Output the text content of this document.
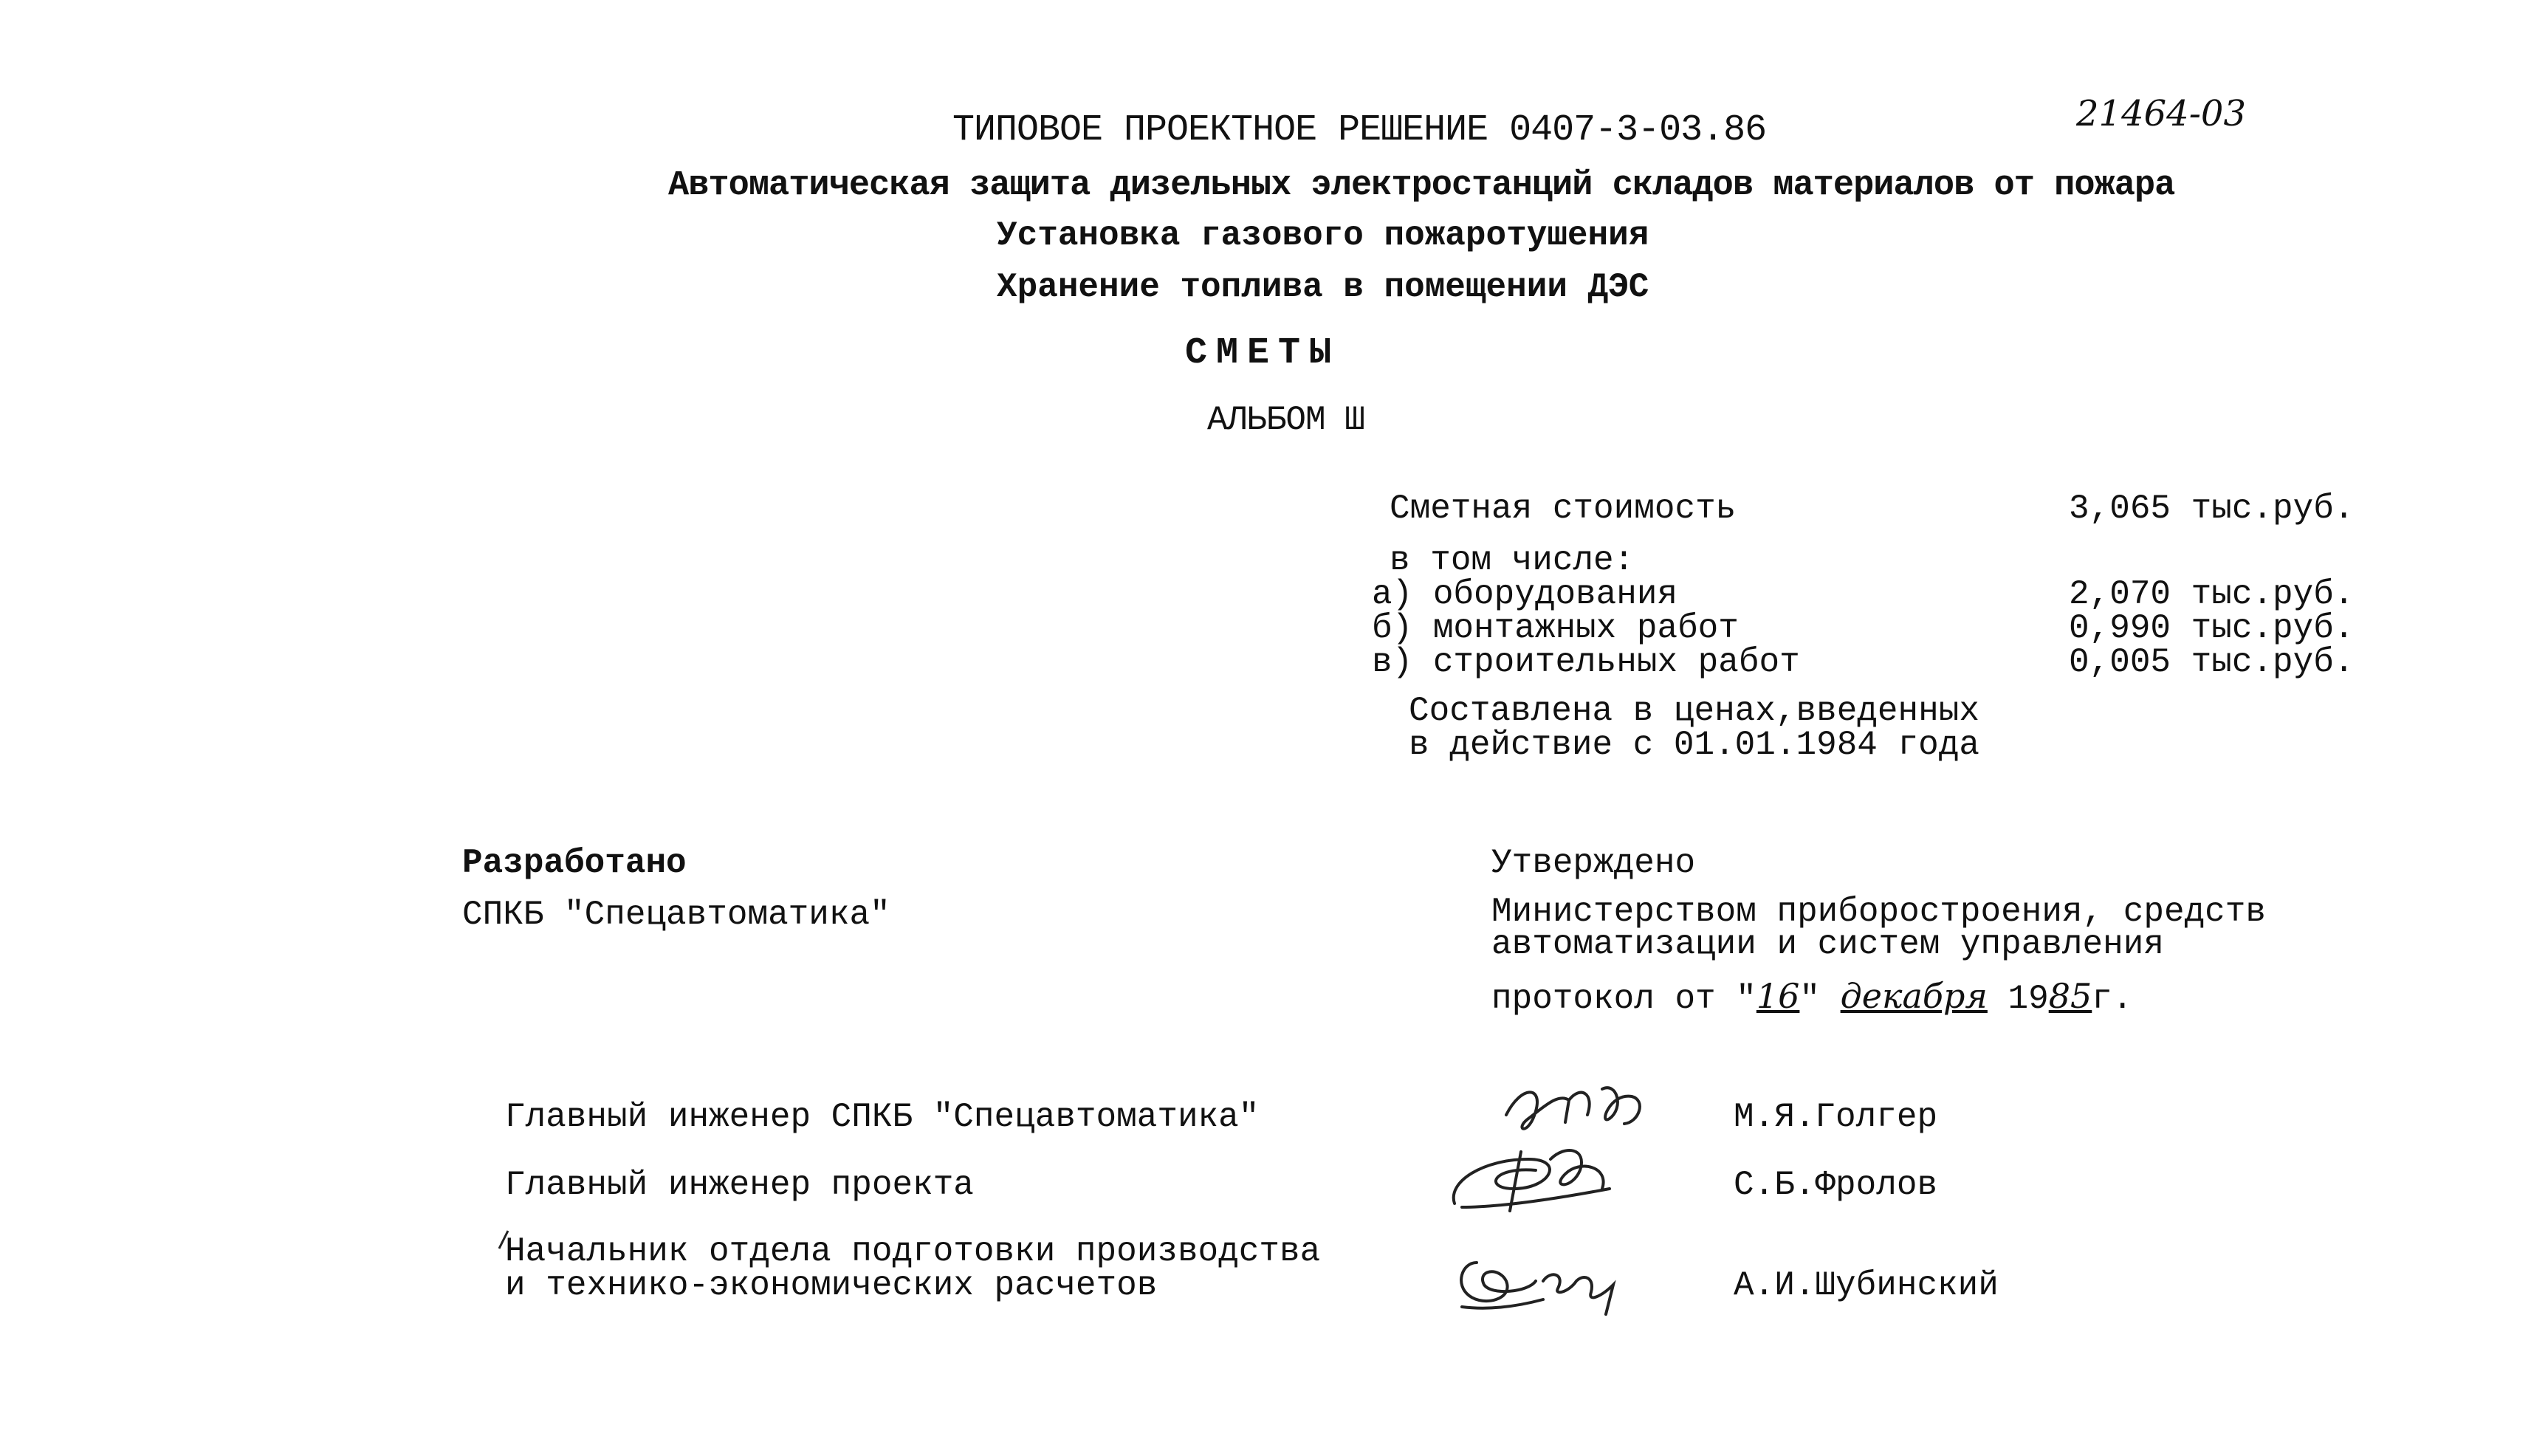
21464-03
ТИПОВОЕ ПРОЕКТНОЕ РЕШЕНИЕ 0407-3-03.86
Автоматическая защита дизельных электростанций складов материалов от пожара
Установка газового пожаротушения
Хранение топлива в помещении ДЭС
СМЕТЫ
АЛЬБОМ Ш
Сметная стоимость	3,065 тыс.руб.
в том числе:
а) оборудования
б) монтажных работ
в) строительных работ
2,070 тыс.руб.
0,990 тыс.руб.
0,005 тыс.руб.
Составлена в ценах,введенных
в действие с 01.01.1984 года
Разработано
СПКБ "Спецавтоматика"
Утверждено
Министерством приборостроения, средств
автоматизации и систем управления
протокол от "16" декабря 1985г.
Главный инженер СПКБ "Спецавтоматика"
Главный инженер проекта
Начальник отдела подготовки производства
и технико-экономических расчетов
М.Я.Голгер
С.Б.Фролов
А.И.Шубинский
